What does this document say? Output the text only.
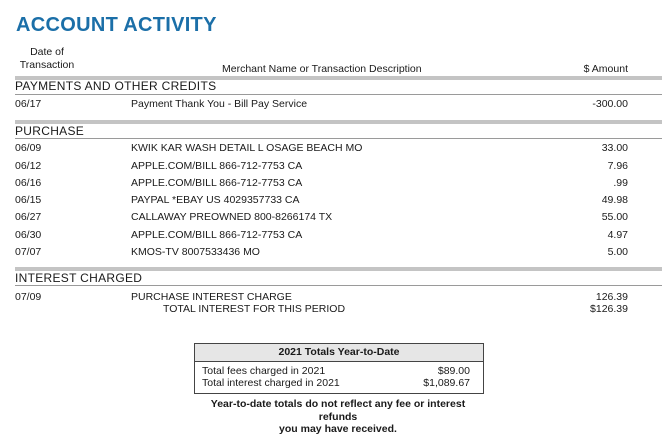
ACCOUNT ACTIVITY
Date of
Transaction	Merchant Name or Transaction Description	$ Amount
PAYMENTS AND OTHER CREDITS
06/17	Payment Thank You - Bill Pay Service	-300.00
PURCHASE
06/09	KWIK KAR WASH DETAIL L OSAGE BEACH MO	33.00
06/12	APPLE.COM/BILL 866-712-7753 CA	7.96
06/16	APPLE.COM/BILL 866-712-7753 CA	.99
06/15	PAYPAL *EBAY US 4029357733 CA	49.98
06/27	CALLAWAY PREOWNED 800-8266174 TX	55.00
06/30	APPLE.COM/BILL 866-712-7753 CA	4.97
07/07	KMOS-TV 8007533436 MO	5.00
INTEREST CHARGED
07/09	PURCHASE INTEREST CHARGE	126.39
TOTAL INTEREST FOR THIS PERIOD	$126.39
2021 Totals Year-to-Date
Total fees charged in 2021	$89.00
Total interest charged in 2021	$1,089.67
Year-to-date totals do not reflect any fee or interest refunds
you may have received.
